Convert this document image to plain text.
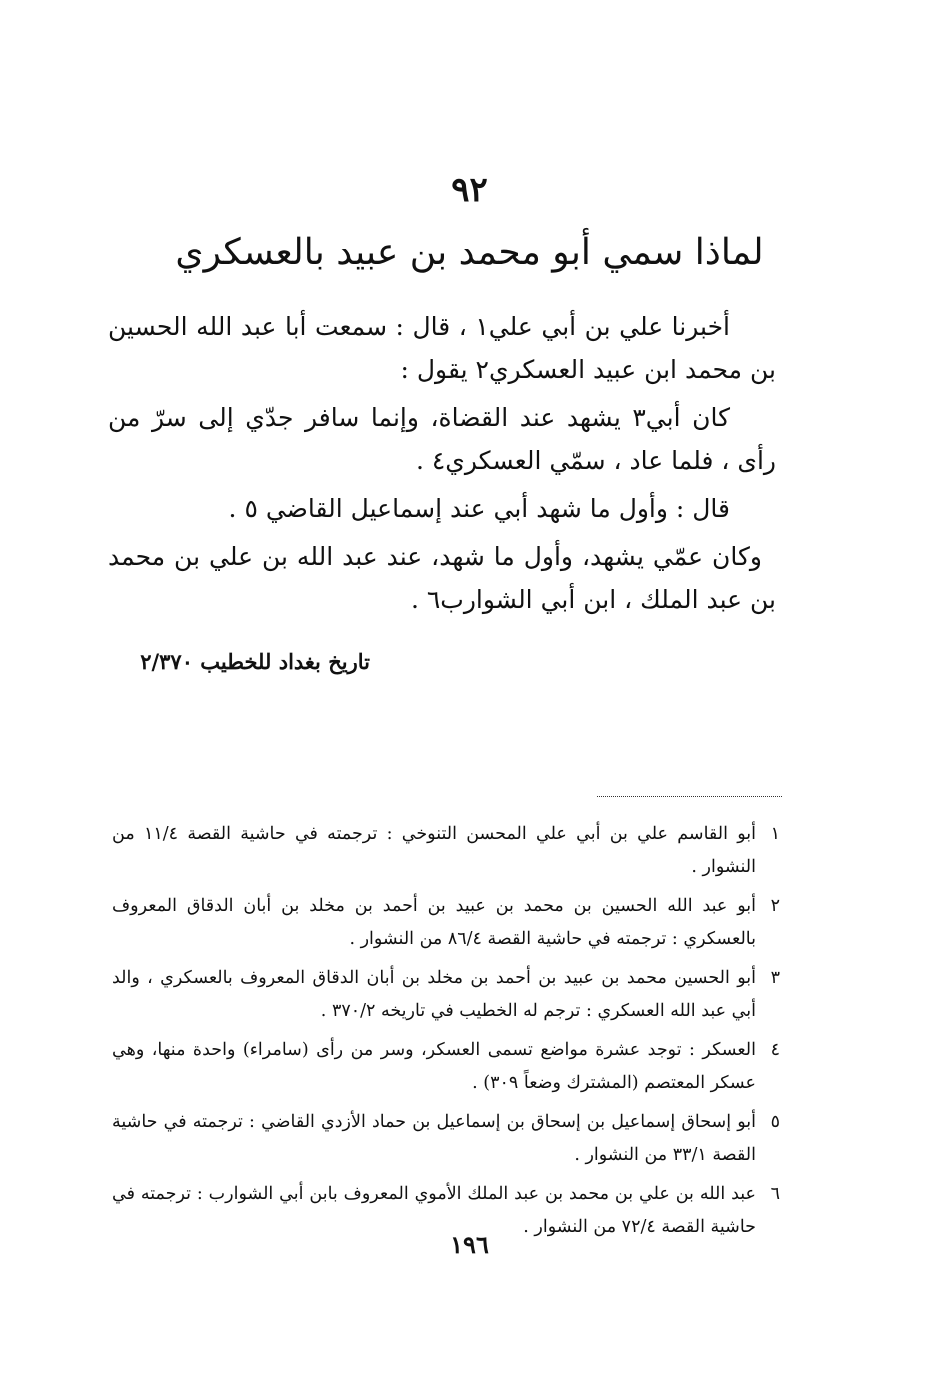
٩٢
لماذا سمي أبو محمد بن عبيد بالعسكري

أخبرنا علي بن أبي علي١ ، قال : سمعت أبا عبد الله الحسين بن محمد ابن عبيد العسكري٢ يقول :

كان أبي٣ يشهد عند القضاة، وإنما سافر جدّي إلى سرّ من رأى ، فلما عاد ، سمّي العسكري٤ .

قال : وأول ما شهد أبي عند إسماعيل القاضي ٥ .

وكان عمّي يشهد، وأول ما شهد، عند عبد الله بن علي بن محمد بن عبد الملك ، ابن أبي الشوارب٦ .

تاريخ بغداد للخطيب ٢/٣٧٠
١
أبو القاسم علي بن أبي علي المحسن التنوخي : ترجمته في حاشية القصة ١١/٤ من النشوار .
٢
أبو عبد الله الحسين بن محمد بن عبيد بن أحمد بن مخلد بن أبان الدقاق المعروف بالعسكري : ترجمته في حاشية القصة ٨٦/٤ من النشوار .
٣
أبو الحسين محمد بن عبيد بن أحمد بن مخلد بن أبان الدقاق المعروف بالعسكري ، والد أبي عبد الله العسكري : ترجم له الخطيب في تاريخه ٣٧٠/٢ .
٤
العسكر : توجد عشرة مواضع تسمى العسكر، وسر من رأى (سامراء) واحدة منها، وهي عسكر المعتصم (المشترك وضعاً ٣٠٩) .
٥
أبو إسحاق إسماعيل بن إسحاق بن إسماعيل بن حماد الأزدي القاضي : ترجمته في حاشية القصة ٣٣/١ من النشوار .
٦
عبد الله بن علي بن محمد بن عبد الملك الأموي المعروف بابن أبي الشوارب : ترجمته في حاشية القصة ٧٢/٤ من النشوار .
١٩٦
